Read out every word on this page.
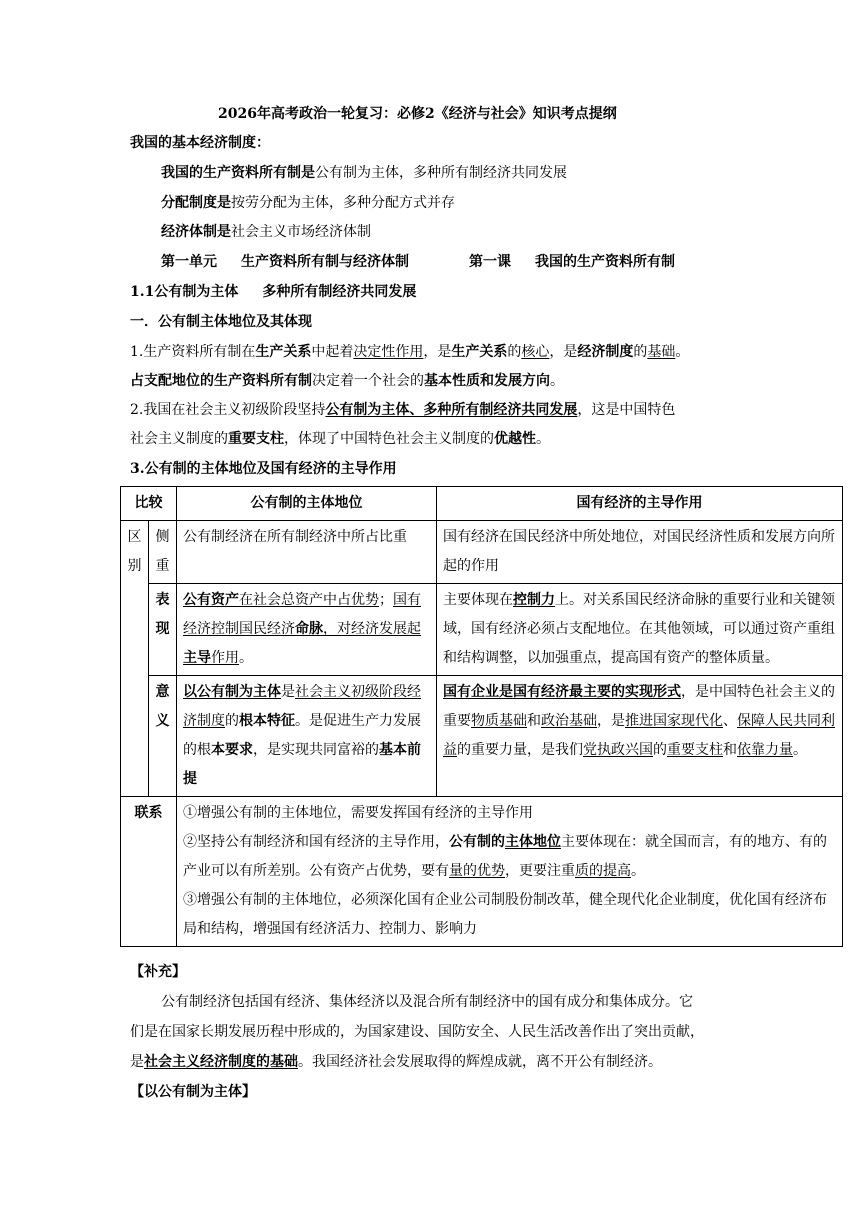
2026年高考政治一轮复习：必修2《经济与社会》知识考点提纲
我国的基本经济制度：
我国的生产资料所有制是公有制为主体，多种所有制经济共同发展
分配制度是按劳分配为主体，多种分配方式并存
经济体制是社会主义市场经济体制
第一单元 生产资料所有制与经济体制	第一课 我国的生产资料所有制
1.1公有制为主体 多种所有制经济共同发展
一．公有制主体地位及其体现
1.生产资料所有制在生产关系中起着决定性作用，是生产关系的核心，是经济制度的基础。
占支配地位的生产资料所有制决定着一个社会的基本性质和发展方向。
2.我国在社会主义初级阶段坚持公有制为主体、多种所有制经济共同发展，这是中国特色
社会主义制度的重要支柱，体现了中国特色社会主义制度的优越性。
3.公有制的主体地位及国有经济的主导作用
比较		公有制的主体地位	国有经济的主导作用
区别	侧重	公有制经济在所有制经济中所占比重	国有经济在国民经济中所处地位，对国民经济性质和发展方向所起的作用
	表现	公有资产在社会总资产中占优势；国有经济控制国民经济命脉，对经济发展起主导作用。	主要体现在控制力上。对关系国民经济命脉的重要行业和关键领域，国有经济必须占支配地位。在其他领域，可以通过资产重组和结构调整，以加强重点，提高国有资产的整体质量。
	意义	以公有制为主体是社会主义初级阶段经济制度的根本特征。是促进生产力发展的根本要求，是实现共同富裕的基本前提	国有企业是国有经济最主要的实现形式，是中国特色社会主义的重要物质基础和政治基础，是推进国家现代化、保障人民共同利益的重要力量，是我们党执政兴国的重要支柱和依靠力量。
联系		①增强公有制的主体地位，需要发挥国有经济的主导作用
②坚持公有制经济和国有经济的主导作用，公有制的主体地位主要体现在：就全国而言，有的地方、有的产业可以有所差别。公有资产占优势，要有量的优势，更要注重质的提高。
③增强公有制的主体地位，必须深化国有企业公司制股份制改革，健全现代化企业制度，优化国有经济布局和结构，增强国有经济活力、控制力、影响力	
【补充】
公有制经济包括国有经济、集体经济以及混合所有制经济中的国有成分和集体成分。它
们是在国家长期发展历程中形成的，为国家建设、国防安全、人民生活改善作出了突出贡献，
是社会主义经济制度的基础。我国经济社会发展取得的辉煌成就，离不开公有制经济。
【以公有制为主体】
